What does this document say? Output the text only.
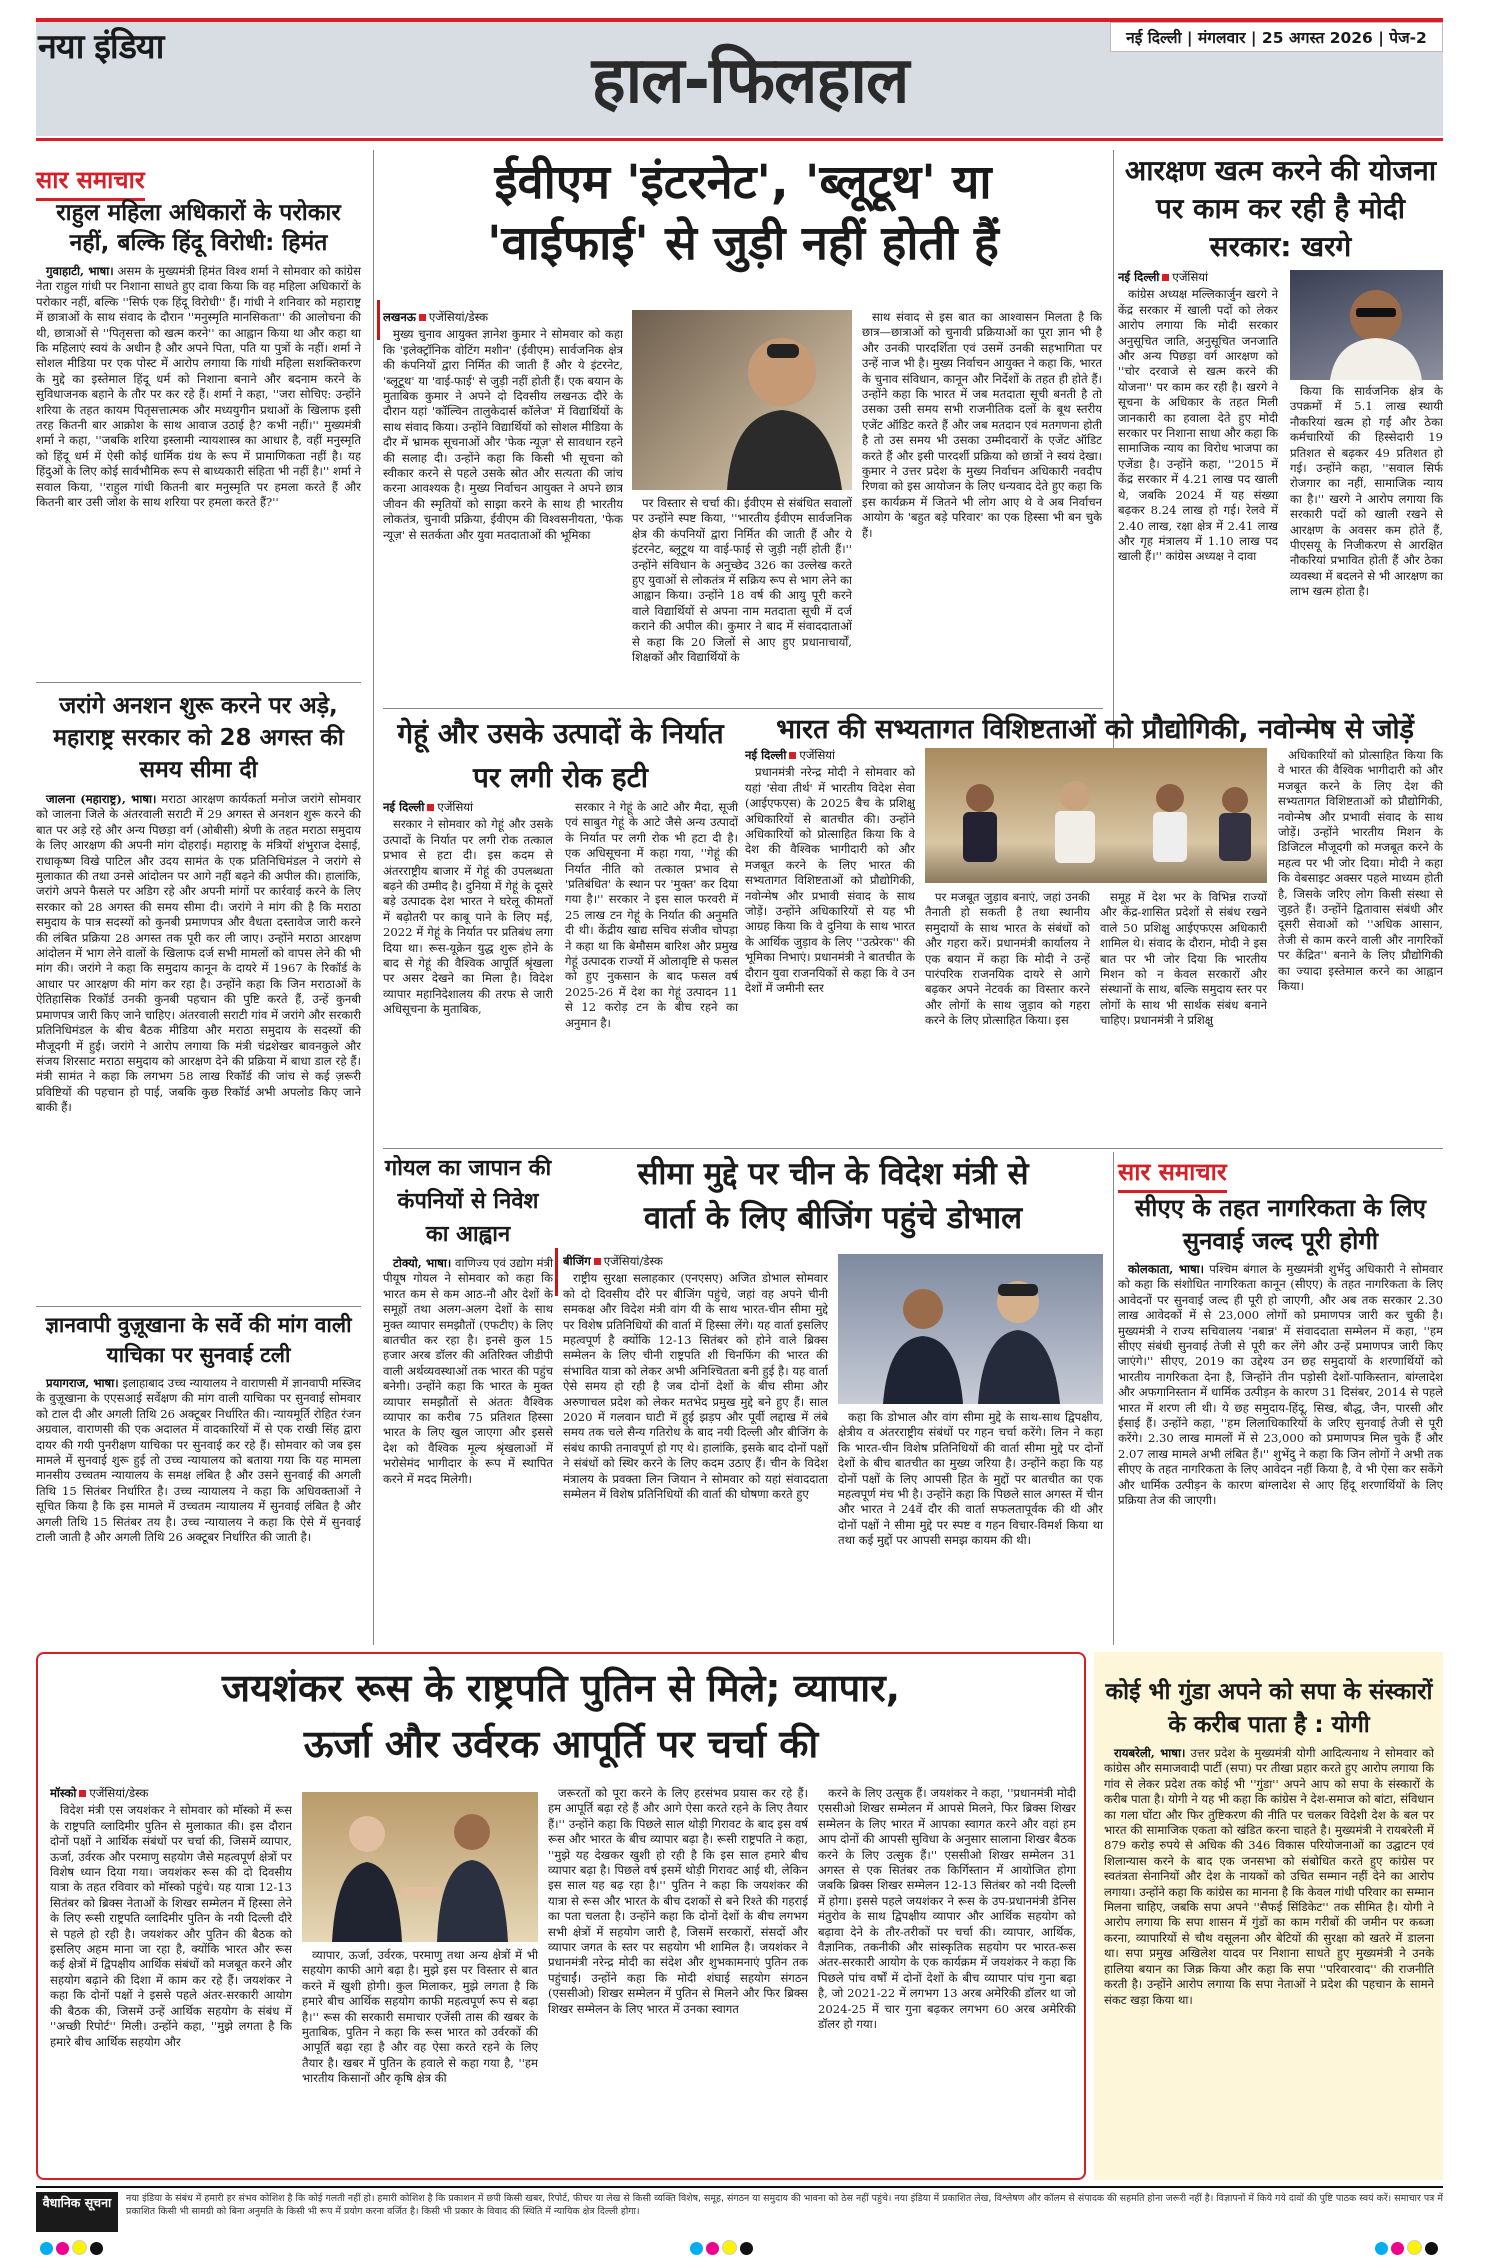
नया इंडिया	नई दिल्ली | मंगलवार | 25 अगस्त 2026 | पेज-2
हाल-फिलहाल
सार समाचार
राहुल महिला अधिकारों के परोकार नहीं, बल्कि हिंदू विरोधी: हिमंत

गुवाहाटी, भाषा। असम के मुख्यमंत्री हिमंत विश्व शर्मा ने सोमवार को कांग्रेस नेता राहुल गांधी पर निशाना साधते हुए दावा किया कि वह महिला अधिकारों के परोकार नहीं, बल्कि ''सिर्फ एक हिंदू विरोधी'' हैं। गांधी ने शनिवार को महाराष्ट्र में छात्राओं के साथ संवाद के दौरान ''मनुस्मृति मानसिकता'' की आलोचना की थी, छात्राओं से ''पितृसत्ता को खत्म करने'' का आह्वान किया था और कहा था कि महिलाएं स्वयं के अधीन है और अपने पिता, पति या पुत्रों के नहीं। शर्मा ने सोशल मीडिया पर एक पोस्ट में आरोप लगाया कि गांधी महिला सशक्तिकरण के मुद्दे का इस्तेमाल हिंदू धर्म को निशाना बनाने और बदनाम करने के सुविधाजनक बहाने के तौर पर कर रहे हैं। शर्मा ने कहा, ''जरा सोचिए: उन्होंने शरिया के तहत कायम पितृसत्तात्मक और मध्ययुगीन प्रथाओं के खिलाफ इसी तरह कितनी बार आक्रोश के साथ आवाज उठाई है? कभी नहीं।'' मुख्यमंत्री शर्मा ने कहा, ''जबकि शरिया इस्लामी न्यायशास्त्र का आधार है, वहीं मनुस्मृति को हिंदू धर्म में ऐसी कोई धार्मिक ग्रंथ के रूप में प्रामाणिकता नहीं है। यह हिंदुओं के लिए कोई सार्वभौमिक रूप से बाध्यकारी संहिता भी नहीं है।'' शर्मा ने सवाल किया, ''राहुल गांधी कितनी बार मनुस्मृति पर हमला करते हैं और कितनी बार उसी जोश के साथ शरिया पर हमला करते हैं?''

जरांगे अनशन शुरू करने पर अड़े, महाराष्ट्र सरकार को 28 अगस्त की समय सीमा दी

जालना (महाराष्ट्र), भाषा। मराठा आरक्षण कार्यकर्ता मनोज जरांगे सोमवार को जालना जिले के अंतरवाली सराटी में 29 अगस्त से अनशन शुरू करने की बात पर अड़े रहे और अन्य पिछड़ा वर्ग (ओबीसी) श्रेणी के तहत मराठा समुदाय के लिए आरक्षण की अपनी मांग दोहराई। महाराष्ट्र के मंत्रियों शंभुराज देसाई, राधाकृष्ण विखे पाटिल और उदय सामंत के एक प्रतिनिधिमंडल ने जरांगे से मुलाकात की तथा उनसे आंदोलन पर आगे नहीं बढ़ने की अपील की। हालांकि, जरांगे अपने फैसले पर अडिग रहे और अपनी मांगों पर कार्रवाई करने के लिए सरकार को 28 अगस्त की समय सीमा दी। जरांगे ने मांग की है कि मराठा समुदाय के पात्र सदस्यों को कुनबी प्रमाणपत्र और वैधता दस्तावेज जारी करने की लंबित प्रक्रिया 28 अगस्त तक पूरी कर ली जाए। उन्होंने मराठा आरक्षण आंदोलन में भाग लेने वालों के खिलाफ दर्ज सभी मामलों को वापस लेने की भी मांग की। जरांगे ने कहा कि समुदाय कानून के दायरे में 1967 के रिकॉर्ड के आधार पर आरक्षण की मांग कर रहा है। उन्होंने कहा कि जिन मराठाओं के ऐतिहासिक रिकॉर्ड उनकी कुनबी पहचान की पुष्टि करते हैं, उन्हें कुनबी प्रमाणपत्र जारी किए जाने चाहिए। अंतरवाली सराटी गांव में जरांगे और सरकारी प्रतिनिधिमंडल के बीच बैठक मीडिया और मराठा समुदाय के सदस्यों की मौजूदगी में हुई। जरांगे ने आरोप लगाया कि मंत्री चंद्रशेखर बावनकुले और संजय शिरसाट मराठा समुदाय को आरक्षण देने की प्रक्रिया में बाधा डाल रहे हैं। मंत्री सामंत ने कहा कि लगभग 58 लाख रिकॉर्ड की जांच से कई ज़रूरी प्रविष्टियों की पहचान हो पाई, जबकि कुछ रिकॉर्ड अभी अपलोड किए जाने बाकी हैं।

ज्ञानवापी वुज़ूखाना के सर्वे की मांग वाली याचिका पर सुनवाई टली

प्रयागराज, भाषा। इलाहाबाद उच्च न्यायालय ने वाराणसी में ज्ञानवापी मस्जिद के वुज़ूखाना के एएसआई सर्वेक्षण की मांग वाली याचिका पर सुनवाई सोमवार को टाल दी और अगली तिथि 26 अक्टूबर निर्धारित की। न्यायमूर्ति रोहित रंजन अग्रवाल, वाराणसी की एक अदालत में वादकारियों में से एक राखी सिंह द्वारा दायर की गयी पुनरीक्षण याचिका पर सुनवाई कर रहे हैं। सोमवार को जब इस मामले में सुनवाई शुरू हुई तो उच्च न्यायालय को बताया गया कि यह मामला मानसीय उच्चतम न्यायालय के समक्ष लंबित है और उसने सुनवाई की अगली तिथि 15 सितंबर निर्धारित है। उच्च न्यायालय ने कहा कि अधिवक्ताओं ने सूचित किया है कि इस मामले में उच्चतम न्यायालय में सुनवाई लंबित है और अगली तिथि 15 सितंबर तय है। उच्च न्यायालय ने कहा कि ऐसे में सुनवाई टाली जाती है और अगली तिथि 26 अक्टूबर निर्धारित की जाती है।

ईवीएम 'इंटरनेट', 'ब्लूटूथ' या
'वाईफाई' से जुड़ी नहीं होती हैं

लखनऊ एजेंसियां/डेस्क

मुख्य चुनाव आयुक्त ज्ञानेश कुमार ने सोमवार को कहा कि 'इलेक्ट्रॉनिक वोटिंग मशीन' (ईवीएम) सार्वजनिक क्षेत्र की कंपनियों द्वारा निर्मित की जाती हैं और ये इंटरनेट, 'ब्लूटूथ' या 'वाई-फाई' से जुड़ी नहीं होती हैं। एक बयान के मुताबिक कुमार ने अपने दो दिवसीय लखनऊ दौरे के दौरान यहां 'कॉल्विन तालुकेदार्स कॉलेज' में विद्यार्थियों के साथ संवाद किया। उन्होंने विद्यार्थियों को सोशल मीडिया के दौर में भ्रामक सूचनाओं और 'फेक न्यूज़' से सावधान रहने की सलाह दी। उन्होंने कहा कि किसी भी सूचना को स्वीकार करने से पहले उसके स्रोत और सत्यता की जांच करना आवश्यक है। मुख्य निर्वाचन आयुक्त ने अपने छात्र जीवन की स्मृतियों को साझा करने के साथ ही भारतीय लोकतंत्र, चुनावी प्रक्रिया, ईवीएम की विश्वसनीयता, 'फेक न्यूज़' से सतर्कता और युवा मतदाताओं की भूमिका

पर विस्तार से चर्चा की। ईवीएम से संबंधित सवालों पर उन्होंने स्पष्ट किया, ''भारतीय ईवीएम सार्वजनिक क्षेत्र की कंपनियों द्वारा निर्मित की जाती हैं और ये इंटरनेट, ब्लूटूथ या वाई-फाई से जुड़ी नहीं होती हैं।'' उन्होंने संविधान के अनुच्छेद 326 का उल्लेख करते हुए युवाओं से लोकतंत्र में सक्रिय रूप से भाग लेने का आह्वान किया। उन्होंने 18 वर्ष की आयु पूरी करने वाले विद्यार्थियों से अपना नाम मतदाता सूची में दर्ज कराने की अपील की। कुमार ने बाद में संवाददाताओं से कहा कि 20 जिलों से आए हुए प्रधानाचार्यों, शिक्षकों और विद्यार्थियों के
साथ संवाद से इस बात का आश्वासन मिलता है कि छात्र—छात्राओं को चुनावी प्रक्रियाओं का पूरा ज्ञान भी है और उनकी पारदर्शिता एवं उसमें उनकी सहभागिता पर उन्हें नाज भी है। मुख्य निर्वाचन आयुक्त ने कहा कि, भारत के चुनाव संविधान, कानून और निर्देशों के तहत ही होते हैं। उन्होंने कहा कि भारत में जब मतदाता सूची बनती है तो उसका उसी समय सभी राजनीतिक दलों के बूथ स्तरीय एजेंट ऑडिट करते हैं और जब मतदान एवं मतगणना होती है तो उस समय भी उसका उम्मीदवारों के एजेंट ऑडिट करते हैं और इसी पारदर्शी प्रक्रिया को छात्रों ने स्वयं देखा। कुमार ने उत्तर प्रदेश के मुख्य निर्वाचन अधिकारी नवदीप रिणवा को इस आयोजन के लिए धन्यवाद देते हुए कहा कि इस कार्यक्रम में जितने भी लोग आए थे वे अब निर्वाचन आयोग के 'बहुत बड़े परिवार' का एक हिस्सा भी बन चुके हैं।
आरक्षण खत्म करने की योजना पर काम कर रही है मोदी सरकार: खरगे

नई दिल्ली एजेंसियां

कांग्रेस अध्यक्ष मल्लिकार्जुन खरगे ने केंद्र सरकार में खाली पदों को लेकर आरोप लगाया कि मोदी सरकार अनुसूचित जाति, अनुसूचित जनजाति और अन्य पिछड़ा वर्ग आरक्षण को ''चोर दरवाजे से खत्म करने की योजना'' पर काम कर रही है। खरगे ने सूचना के अधिकार के तहत मिली जानकारी का हवाला देते हुए मोदी सरकार पर निशाना साधा और कहा कि सामाजिक न्याय का विरोध भाजपा का एजेंडा है। उन्होंने कहा, ''2015 में केंद्र सरकार में 4.21 लाख पद खाली थे, जबकि 2024 में यह संख्या बढ़कर 8.24 लाख हो गई। रेलवे में 2.40 लाख, रक्षा क्षेत्र में 2.41 लाख और गृह मंत्रालय में 1.10 लाख पद खाली हैं।'' कांग्रेस अध्यक्ष ने दावा

किया कि सार्वजनिक क्षेत्र के उपक्रमों में 5.1 लाख स्थायी नौकरियां खत्म हो गईं और ठेका कर्मचारियों की हिस्सेदारी 19 प्रतिशत से बढ़कर 49 प्रतिशत हो गई। उन्होंने कहा, ''सवाल सिर्फ रोजगार का नहीं, सामाजिक न्याय का है।'' खरगे ने आरोप लगाया कि सरकारी पदों को खाली रखने से आरक्षण के अवसर कम होते हैं, पीएसयू के निजीकरण से आरक्षित नौकरियां प्रभावित होती हैं और ठेका व्यवस्था में बदलने से भी आरक्षण का लाभ खत्म होता है।
गेहूं और उसके उत्पादों के निर्यात पर लगी रोक हटी

नई दिल्ली एजेंसियां

सरकार ने सोमवार को गेहूं और उसके उत्पादों के निर्यात पर लगी रोक तत्काल प्रभाव से हटा दी। इस कदम से अंतरराष्ट्रीय बाजार में गेहूं की उपलब्धता बढ़ने की उम्मीद है। दुनिया में गेहूं के दूसरे बड़े उत्पादक देश भारत ने घरेलू कीमतों में बढ़ोतरी पर काबू पाने के लिए मई, 2022 में गेहूं के निर्यात पर प्रतिबंध लगा दिया था। रूस-यूक्रेन युद्ध शुरू होने के बाद से गेहूं की वैश्विक आपूर्ति श्रृंखला पर असर देखने का मिला है। विदेश व्यापार महानिदेशालय की तरफ से जारी अधिसूचना के मुताबिक,

सरकार ने गेहूं के आटे और मैदा, सूजी एवं साबुत गेहूं के आटे जैसे अन्य उत्पादों के निर्यात पर लगी रोक भी हटा दी है। एक अधिसूचना में कहा गया, ''गेहूं की निर्यात नीति को तत्काल प्रभाव से 'प्रतिबंधित' के स्थान पर 'मुक्त' कर दिया गया है।'' सरकार ने इस साल फरवरी में 25 लाख टन गेहूं के निर्यात की अनुमति दी थी। केंद्रीय खाद्य सचिव संजीव चोपड़ा ने कहा था कि बेमौसम बारिश और प्रमुख गेहूं उत्पादक राज्यों में ओलावृष्टि से फसल को हुए नुकसान के बाद फसल वर्ष 2025-26 में देश का गेहूं उत्पादन 11 से 12 करोड़ टन के बीच रहने का अनुमान है।
गोयल का जापान की कंपनियों से निवेश का आह्वान

टोक्यो, भाषा। वाणिज्य एवं उद्योग मंत्री पीयूष गोयल ने सोमवार को कहा कि भारत कम से कम आठ-नौ और देशों के समूहों तथा अलग-अलग देशों के साथ मुक्त व्यापार समझौतों (एफटीए) के लिए बातचीत कर रहा है। इनसे कुल 15 हजार अरब डॉलर की अतिरिक्त जीडीपी वाली अर्थव्यवस्थाओं तक भारत की पहुंच बनेगी। उन्होंने कहा कि भारत के मुक्त व्यापार समझौतों से अंततः वैश्विक व्यापार का करीब 75 प्रतिशत हिस्सा भारत के लिए खुल जाएगा और इससे देश को वैश्विक मूल्य श्रृंखलाओं में भरोसेमंद भागीदार के रूप में स्थापित करने में मदद मिलेगी।

भारत की सभ्यतागत विशिष्टताओं को प्रौद्योगिकी, नवोन्मेष से जोड़ें

नई दिल्ली एजेंसियां

प्रधानमंत्री नरेन्द्र मोदी ने सोमवार को यहां 'सेवा तीर्थ' में भारतीय विदेश सेवा (आईएफएस) के 2025 बैच के प्रशिक्षु अधिकारियों से बातचीत की। उन्होंने अधिकारियों को प्रोत्साहित किया कि वे देश की वैश्विक भागीदारी को और मजबूत करने के लिए भारत की सभ्यतागत विशिष्टताओं को प्रौद्योगिकी, नवोन्मेष और प्रभावी संवाद के साथ जोड़ें। उन्होंने अधिकारियों से यह भी आग्रह किया कि वे दुनिया के साथ भारत के आर्थिक जुड़ाव के लिए ''उत्प्रेरक'' की भूमिका निभाएं। प्रधानमंत्री ने बातचीत के दौरान युवा राजनयिकों से कहा कि वे उन देशों में जमीनी स्तर

पर मजबूत जुड़ाव बनाएं, जहां उनकी तैनाती हो सकती है तथा स्थानीय समुदायों के साथ भारत के संबंधों को और गहरा करें। प्रधानमंत्री कार्यालय ने एक बयान में कहा कि मोदी ने उन्हें पारंपरिक राजनयिक दायरे से आगे बढ़कर अपने नेटवर्क का विस्तार करने और लोगों के साथ जुड़ाव को गहरा करने के लिए प्रोत्साहित किया। इस
समूह में देश भर के विभिन्न राज्यों और केंद्र-शासित प्रदेशों से संबंध रखने वाले 50 प्रशिक्षु आईएफएस अधिकारी शामिल थे। संवाद के दौरान, मोदी ने इस बात पर भी जोर दिया कि भारतीय मिशन को न केवल सरकारों और संस्थानों के साथ, बल्कि समुदाय स्तर पर लोगों के साथ भी सार्थक संबंध बनाने चाहिए। प्रधानमंत्री ने प्रशिक्षु
अधिकारियों को प्रोत्साहित किया कि वे भारत की वैश्विक भागीदारी को और मजबूत करने के लिए देश की सभ्यतागत विशिष्टताओं को प्रौद्योगिकी, नवोन्मेष और प्रभावी संवाद के साथ जोड़ें। उन्होंने भारतीय मिशन के डिजिटल मौजूदगी को मजबूत करने के महत्व पर भी जोर दिया। मोदी ने कहा कि वेबसाइट अक्सर पहले माध्यम होती है, जिसके जरिए लोग किसी संस्था से जुड़ते हैं। उन्होंने द्वितावास संबंधी और दूसरी सेवाओं को ''अधिक आसान, तेजी से काम करने वाली और नागरिकों पर केंद्रित'' बनाने के लिए प्रौद्योगिकी का ज्यादा इस्तेमाल करने का आह्वान किया।
सीमा मुद्दे पर चीन के विदेश मंत्री से
वार्ता के लिए बीजिंग पहुंचे डोभाल

बीजिंग एजेंसियां/डेस्क

राष्ट्रीय सुरक्षा सलाहकार (एनएसए) अजित डोभाल सोमवार को दो दिवसीय दौरे पर बीजिंग पहुंचे, जहां वह अपने चीनी समकक्ष और विदेश मंत्री वांग यी के साथ भारत-चीन सीमा मुद्दे पर विशेष प्रतिनिधियों की वार्ता में हिस्सा लेंगे। यह वार्ता इसलिए महत्वपूर्ण है क्योंकि 12-13 सितंबर को होने वाले ब्रिक्स सम्मेलन के लिए चीनी राष्ट्रपति शी चिनफिंग की भारत की संभावित यात्रा को लेकर अभी अनिश्चितता बनी हुई है। यह वार्ता ऐसे समय हो रही है जब दोनों देशों के बीच सीमा और अरुणाचल प्रदेश को लेकर मतभेद प्रमुख मुद्दे बने हुए हैं। साल 2020 में गलवान घाटी में हुई झड़प और पूर्वी लद्दाख में लंबे समय तक चले सैन्य गतिरोध के बाद नयी दिल्ली और बीजिंग के संबंध काफी तनावपूर्ण हो गए थे। हालांकि, इसके बाद दोनों पक्षों ने संबंधों को स्थिर करने के लिए कदम उठाए हैं। चीन के विदेश मंत्रालय के प्रवक्ता लिन जियान ने सोमवार को यहां संवाददाता सम्मेलन में विशेष प्रतिनिधियों की वार्ता की घोषणा करते हुए

कहा कि डोभाल और वांग सीमा मुद्दे के साथ-साथ द्विपक्षीय, क्षेत्रीय व अंतरराष्ट्रीय संबंधों पर गहन चर्चा करेंगे। लिन ने कहा कि भारत-चीन विशेष प्रतिनिधियों की वार्ता सीमा मुद्दे पर दोनों देशों के बीच बातचीत का मुख्य जरिया है। उन्होंने कहा कि यह दोनों पक्षों के लिए आपसी हित के मुद्दों पर बातचीत का एक महत्वपूर्ण मंच भी है। उन्होंने कहा कि पिछले साल अगस्त में चीन और भारत ने 24वें दौर की वार्ता सफलतापूर्वक की थी और दोनों पक्षों ने सीमा मुद्दे पर स्पष्ट व गहन विचार-विमर्श किया था तथा कई मुद्दों पर आपसी समझ कायम की थी।
सार समाचार
सीएए के तहत नागरिकता के लिए सुनवाई जल्द पूरी होगी

कोलकाता, भाषा। पश्चिम बंगाल के मुख्यमंत्री शुभेंदु अधिकारी ने सोमवार को कहा कि संशोधित नागरिकता कानून (सीएए) के तहत नागरिकता के लिए आवेदनों पर सुनवाई जल्द ही पूरी हो जाएगी, और अब तक सरकार 2.30 लाख आवेदकों में से 23,000 लोगों को प्रमाणपत्र जारी कर चुकी है। मुख्यमंत्री ने राज्य सचिवालय 'नबान्न' में संवाददाता सम्मेलन में कहा, ''हम सीएए संबंधी सुनवाई तेजी से पूरी कर लेंगे और उन्हें प्रमाणपत्र जारी किए जाएंगे।'' सीएए, 2019 का उद्देश्य उन छह समुदायों के शरणार्थियों को भारतीय नागरिकता देना है, जिन्होंने तीन पड़ोसी देशों-पाकिस्तान, बांग्लादेश और अफगानिस्तान में धार्मिक उत्पीड़न के कारण 31 दिसंबर, 2014 से पहले भारत में शरण ली थी। ये छह समुदाय-हिंदू, सिख, बौद्ध, जैन, पारसी और ईसाई हैं। उन्होंने कहा, ''हम लिलाधिकारियों के जरिए सुनवाई तेजी से पूरी करेंगे। 2.30 लाख मामलों में से 23,000 को प्रमाणपत्र मिल चुके हैं और 2.07 लाख मामले अभी लंबित हैं।'' शुभेंदु ने कहा कि जिन लोगों ने अभी तक सीएए के तहत नागरिकता के लिए आवेदन नहीं किया है, वे भी ऐसा कर सकेंगे और धार्मिक उत्पीड़न के कारण बांग्लादेश से आए हिंदू शरणार्थियों के लिए प्रक्रिया तेज की जाएगी।

जयशंकर रूस के राष्ट्रपति पुतिन से मिले; व्यापार,
ऊर्जा और उर्वरक आपूर्ति पर चर्चा की

मॉस्को एजेंसियां/डेस्क

विदेश मंत्री एस जयशंकर ने सोमवार को मॉस्को में रूस के राष्ट्रपति व्लादिमीर पुतिन से मुलाकात की। इस दौरान दोनों पक्षों ने आर्थिक संबंधों पर चर्चा की, जिसमें व्यापार, ऊर्जा, उर्वरक और परमाणु सहयोग जैसे महत्वपूर्ण क्षेत्रों पर विशेष ध्यान दिया गया। जयशंकर रूस की दो दिवसीय यात्रा के तहत रविवार को मॉस्को पहुंचे। यह यात्रा 12-13 सितंबर को ब्रिक्स नेताओं के शिखर सम्मेलन में हिस्सा लेने के लिए रूसी राष्ट्रपति व्लादिमीर पुतिन के नयी दिल्ली दौरे से पहले हो रही है। जयशंकर और पुतिन की बैठक को इसलिए अहम माना जा रहा है, क्योंकि भारत और रूस कई क्षेत्रों में द्विपक्षीय आर्थिक संबंधों को मजबूत करने और सहयोग बढ़ाने की दिशा में काम कर रहे हैं। जयशंकर ने कहा कि दोनों पक्षों ने इससे पहले अंतर-सरकारी आयोग की बैठक की, जिसमें उन्हें आर्थिक सहयोग के संबंध में ''अच्छी रिपोर्ट'' मिली। उन्होंने कहा, ''मुझे लगता है कि हमारे बीच आर्थिक सहयोग और

व्यापार, ऊर्जा, उर्वरक, परमाणु तथा अन्य क्षेत्रों में भी सहयोग काफी आगे बढ़ा है। मुझे इस पर विस्तार से बात करने में खुशी होगी। कुल मिलाकर, मुझे लगता है कि हमारे बीच आर्थिक सहयोग काफी महत्वपूर्ण रूप से बढ़ा है।'' रूस की सरकारी समाचार एजेंसी तास की खबर के मुताबिक, पुतिन ने कहा कि रूस भारत को उर्वरकों की आपूर्ति बढ़ा रहा है और वह ऐसा करते रहने के लिए तैयार है। खबर में पुतिन के हवाले से कहा गया है, ''हम भारतीय किसानों और कृषि क्षेत्र की
जरूरतों को पूरा करने के लिए हरसंभव प्रयास कर रहे हैं। हम आपूर्ति बढ़ा रहे हैं और आगे ऐसा करते रहने के लिए तैयार हैं।'' उन्होंने कहा कि पिछले साल थोड़ी गिरावट के बाद इस वर्ष रूस और भारत के बीच व्यापार बढ़ा है। रूसी राष्ट्रपति ने कहा, ''मुझे यह देखकर खुशी हो रही है कि इस साल हमारे बीच व्यापार बढ़ा है। पिछले वर्ष इसमें थोड़ी गिरावट आई थी, लेकिन इस साल यह बढ़ रहा है।'' पुतिन ने कहा कि जयशंकर की यात्रा से रूस और भारत के बीच दशकों से बने रिश्ते की गहराई का पता चलता है। उन्होंने कहा कि दोनों देशों के बीच लगभग सभी क्षेत्रों में सहयोग जारी है, जिसमें सरकारों, संसदों और व्यापार जगत के स्तर पर सहयोग भी शामिल है। जयशंकर ने प्रधानमंत्री नरेन्द्र मोदी का संदेश और शुभकामनाएं पुतिन तक पहुंचाईं। उन्होंने कहा कि मोदी शंघाई सहयोग संगठन (एससीओ) शिखर सम्मेलन में पुतिन से मिलने और फिर ब्रिक्स शिखर सम्मेलन के लिए भारत में उनका स्वागत
करने के लिए उत्सुक हैं। जयशंकर ने कहा, ''प्रधानमंत्री मोदी एससीओ शिखर सम्मेलन में आपसे मिलने, फिर ब्रिक्स शिखर सम्मेलन के लिए भारत में आपका स्वागत करने और वहां हम आप दोनों की आपसी सुविधा के अनुसार सालाना शिखर बैठक करने के लिए उत्सुक हैं।'' एससीओ शिखर सम्मेलन 31 अगस्त से एक सितंबर तक किर्गिस्तान में आयोजित होगा जबकि ब्रिक्स शिखर सम्मेलन 12-13 सितंबर को नयी दिल्ली में होगा। इससे पहले जयशंकर ने रूस के उप-प्रधानमंत्री डेनिस मंतुरोव के साथ द्विपक्षीय व्यापार और आर्थिक सहयोग को बढ़ावा देने के तौर-तरीकों पर चर्चा की। व्यापार, आर्थिक, वैज्ञानिक, तकनीकी और सांस्कृतिक सहयोग पर भारत-रूस अंतर-सरकारी आयोग के एक कार्यक्रम में जयशंकर ने कहा कि पिछले पांच वर्षों में दोनों देशों के बीच व्यापार पांच गुना बढ़ा है, जो 2021-22 में लगभग 13 अरब अमेरिकी डॉलर था जो 2024-25 में चार गुना बढ़कर लगभग 60 अरब अमेरिकी डॉलर हो गया।
कोई भी गुंडा अपने को सपा के संस्कारों के करीब पाता है : योगी

रायबरेली, भाषा। उत्तर प्रदेश के मुख्यमंत्री योगी आदित्यनाथ ने सोमवार को कांग्रेस और समाजवादी पार्टी (सपा) पर तीखा प्रहार करते हुए आरोप लगाया कि गांव से लेकर प्रदेश तक कोई भी ''गुंडा'' अपने आप को सपा के संस्कारों के करीब पाता है। योगी ने यह भी कहा कि कांग्रेस ने देश-समाज को बांटा, संविधान का गला घोंटा और फिर तुष्टिकरण की नीति पर चलकर विदेशी देश के बल पर भारत की सामाजिक एकता को खंडित करना चाहते है। मुख्यमंत्री ने रायबरेली में 879 करोड़ रुपये से अधिक की 346 विकास परियोजनाओं का उद्घाटन एवं शिलान्यास करने के बाद एक जनसभा को संबोधित करते हुए कांग्रेस पर स्वतंत्रता सेनानियों और देश के नायकों को उचित सम्मान नहीं देने का आरोप लगाया। उन्होंने कहा कि कांग्रेस का मानना है कि केवल गांधी परिवार का सम्मान मिलना चाहिए, जबकि सपा अपने ''सैफई सिंडिकेट'' तक सीमित है। योगी ने आरोप लगाया कि सपा शासन में गुंडों का काम गरीबों की जमीन पर कब्जा करना, व्यापारियों से चौथ वसूलना और बेटियों की सुरक्षा को खतरे में डालना था। सपा प्रमुख अखिलेश यादव पर निशाना साधते हुए मुख्यमंत्री ने उनके हालिया बयान का जिक्र किया और कहा कि सपा ''परिवारवाद'' की राजनीति करती है। उन्होंने आरोप लगाया कि सपा नेताओं ने प्रदेश की पहचान के सामने संकट खड़ा किया था।

वैधानिक सूचना	नया इंडिया के संबंध में हमारी हर संभव कोशिश है कि कोई गलती नहीं हो। हमारी कोशिश है कि प्रकाशन में छपी किसी खबर, रिपोर्ट, फीचर या लेख से किसी व्यक्ति विशेष, समूह, संगठन या समुदाय की भावना को ठेस नहीं पहुंचे। नया इंडिया में प्रकाशित लेख, विश्लेषण और कॉलम से संपादक की सहमति होना जरूरी नहीं है। विज्ञापनों में किये गये दावों की पुष्टि पाठक स्वयं करें। समाचार पत्र में प्रकाशित किसी भी सामग्री को बिना अनुमति के किसी भी रूप में प्रयोग करना वर्जित है। किसी भी प्रकार के विवाद की स्थिति में न्यायिक क्षेत्र दिल्ली होगा।
